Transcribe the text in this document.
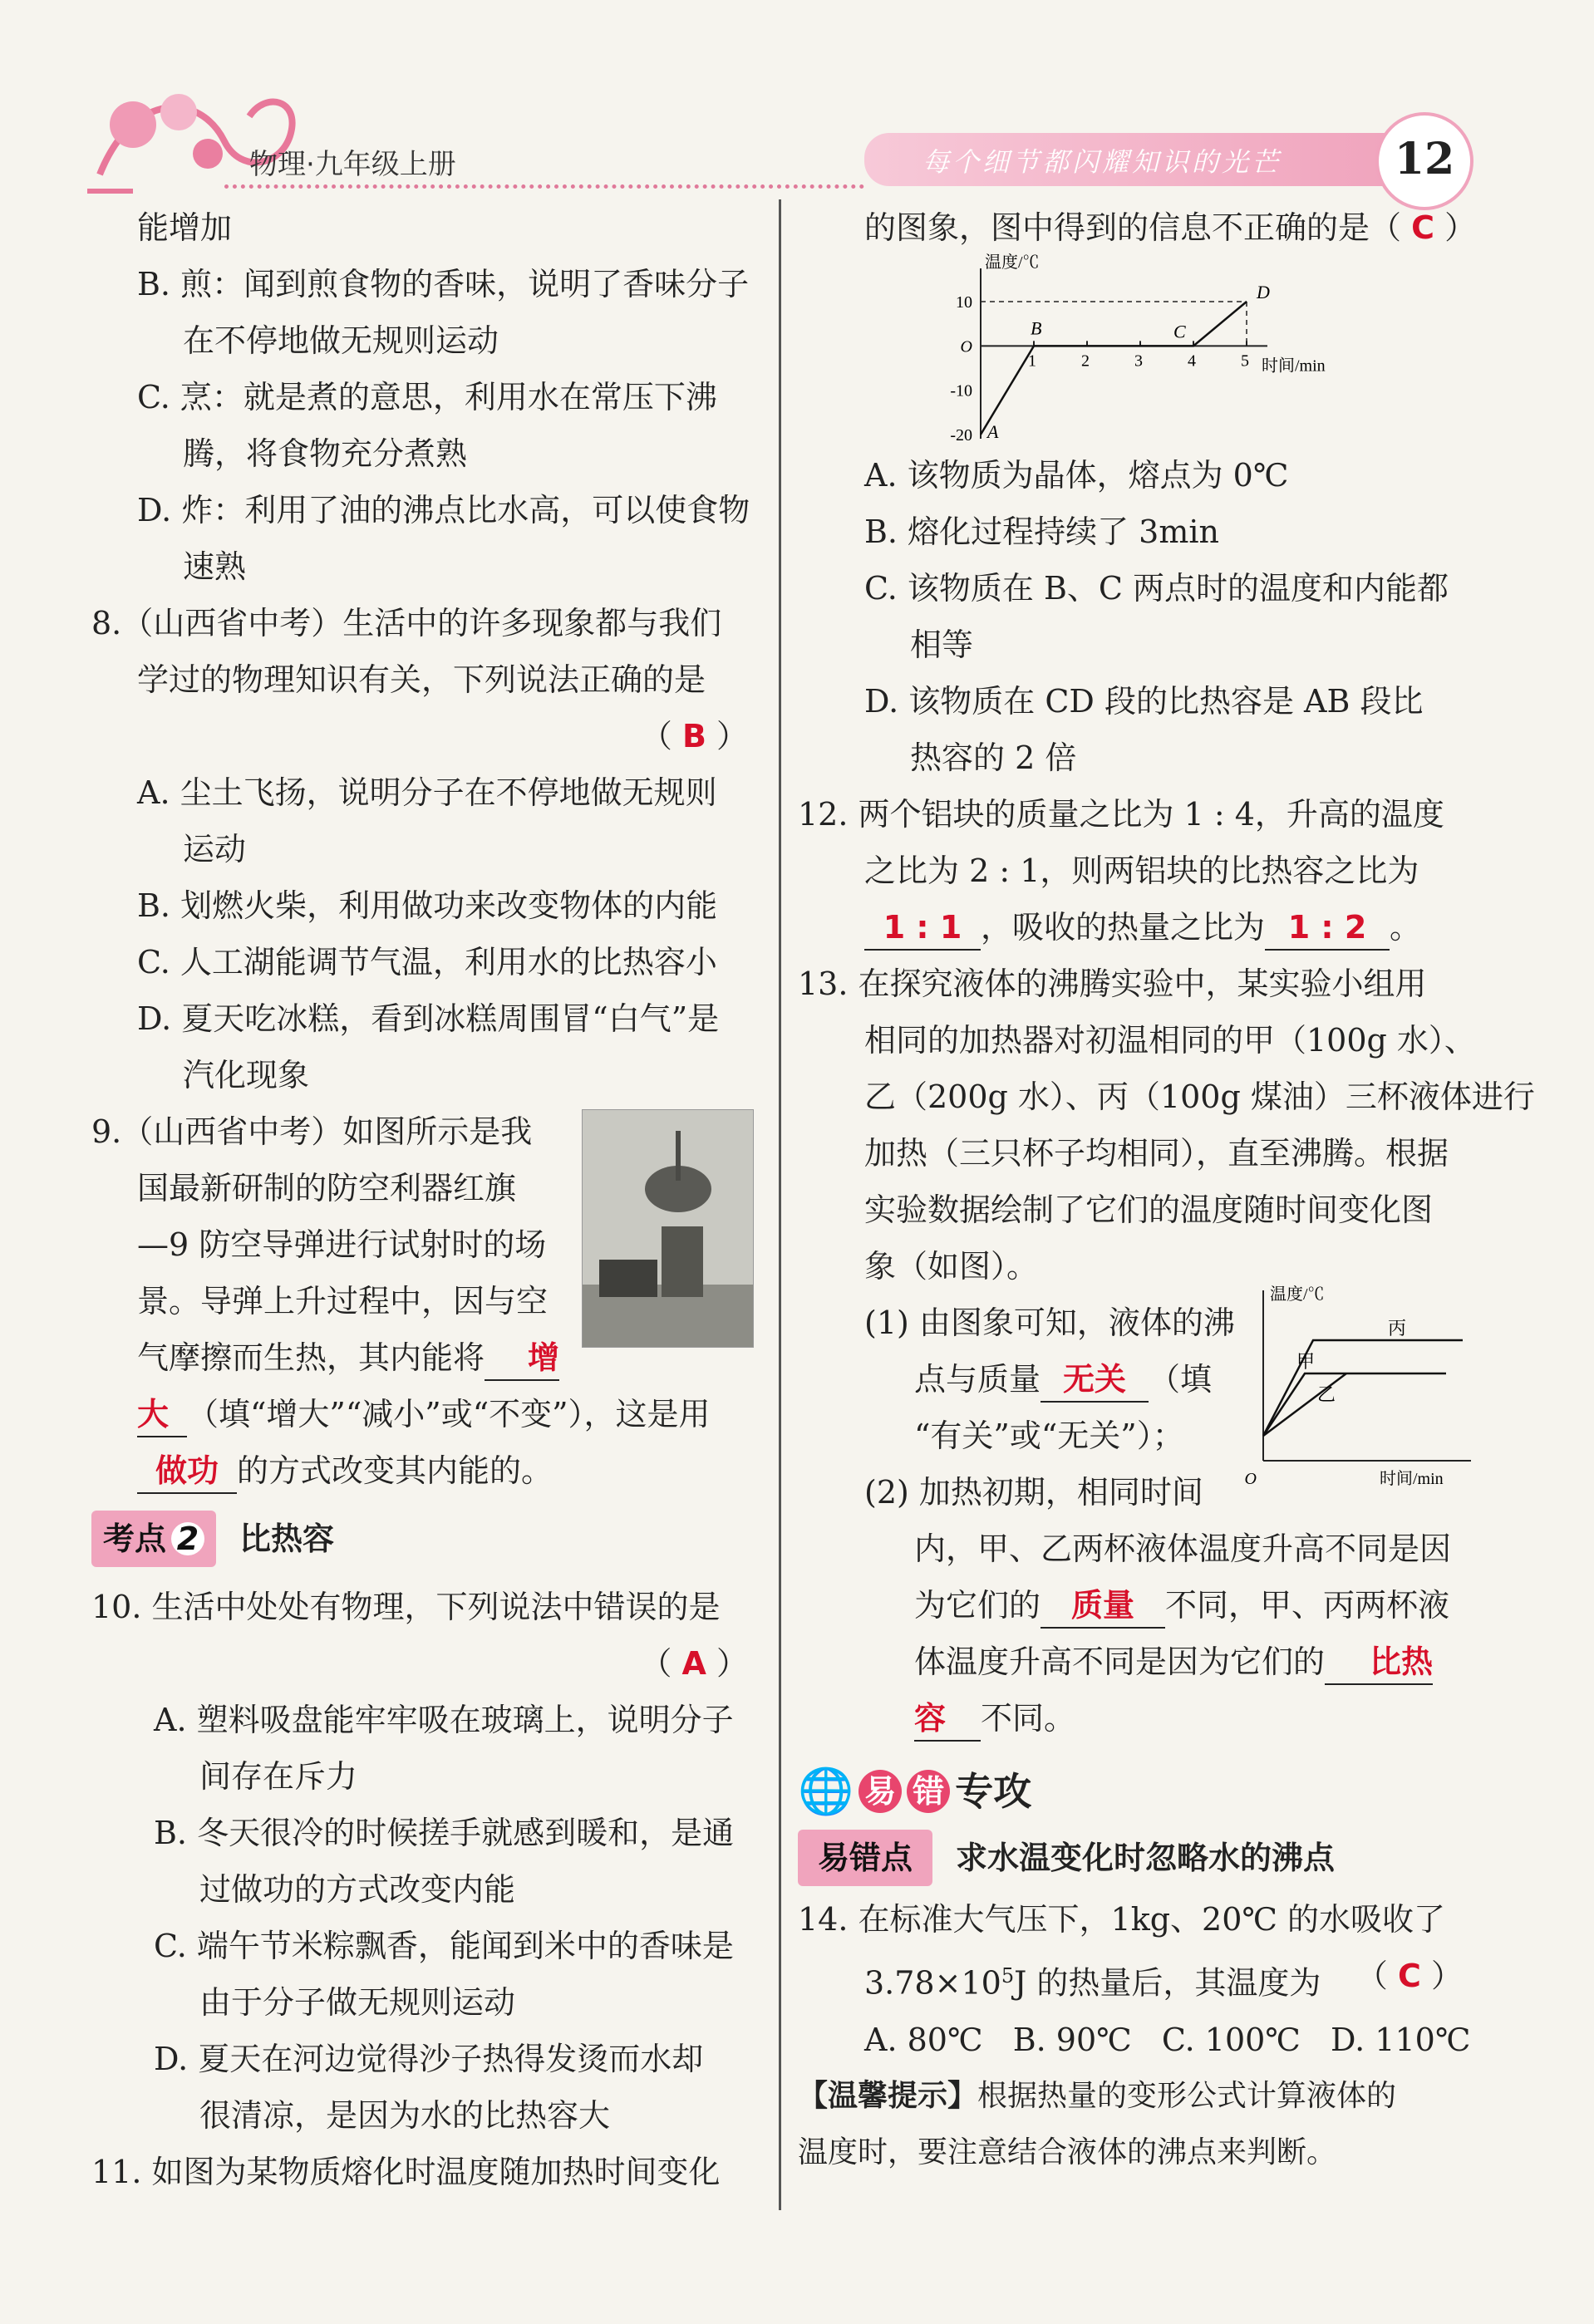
物理·九年级上册	每个细节都闪耀知识的光芒	12
能增加
B. 煎：闻到煎食物的香味，说明了香味分子
在不停地做无规则运动
C. 烹：就是煮的意思，利用水在常压下沸
腾，将食物充分煮熟
D. 炸：利用了油的沸点比水高，可以使食物
速熟
8.（山西省中考）生活中的许多现象都与我们
学过的物理知识有关，下列说法正确的是
（ B ）
A. 尘土飞扬，说明分子在不停地做无规则
运动
B. 划燃火柴，利用做功来改变物体的内能
C. 人工湖能调节气温，利用水的比热容小
D. 夏天吃冰糕，看到冰糕周围冒“白气”是
汽化现象
9.（山西省中考）如图所示是我
国最新研制的防空利器红旗
—9 防空导弹进行试射时的场
景。导弹上升过程中，因与空
气摩擦而生热，其内能将 增
大 （填“增大”“减小”或“不变”），这是用
做功 的方式改变其内能的。
考点 2 比热容
10. 生活中处处有物理，下列说法中错误的是
（ A ）
A. 塑料吸盘能牢牢吸在玻璃上，说明分子
间存在斥力
B. 冬天很冷的时候搓手就感到暖和，是通
过做功的方式改变内能
C. 端午节米粽飘香，能闻到米中的香味是
由于分子做无规则运动
D. 夏天在河边觉得沙子热得发烫而水却
很清凉，是因为水的比热容大
11. 如图为某物质熔化时温度随加热时间变化
的图象，图中得到的信息不正确的是（ C ）
温度/℃
时间/min
10
O
-10
-20
1	2	3	4	5
A
B	C
D
A. 该物质为晶体，熔点为 0℃
B. 熔化过程持续了 3min
C. 该物质在 B、C 两点时的温度和内能都
相等
D. 该物质在 CD 段的比热容是 AB 段比
热容的 2 倍
12. 两个铝块的质量之比为 1 : 4，升高的温度
之比为 2 : 1，则两铝块的比热容之比为
1 : 1 ，吸收的热量之比为 1 : 2 。
13. 在探究液体的沸腾实验中，某实验小组用
相同的加热器对初温相同的甲（100g 水）、
乙（200g 水）、丙（100g 煤油）三杯液体进行
加热（三只杯子均相同），直至沸腾。根据
实验数据绘制了它们的温度随时间变化图
象（如图）。
(1) 由图象可知，液体的沸
点与质量 无关 （填
“有关”或“无关”）；
温度/℃
时间/min
O
甲
乙
丙
(2) 加热初期，相同时间
内，甲、乙两杯液体温度升高不同是因
为它们的 质量 不同，甲、丙两杯液
体温度升高不同是因为它们的 比热
容 不同。
🌐 易 错 专攻
易错点 求水温变化时忽略水的沸点
14. 在标准大气压下，1kg、20℃ 的水吸收了
$3.78\times 10^5J$ 的热量后，其温度为 （ C ）
A. 80℃   B. 90℃   C. 100℃   D. 110℃
【温馨提示】根据热量的变形公式计算液体的
温度时，要注意结合液体的沸点来判断。
